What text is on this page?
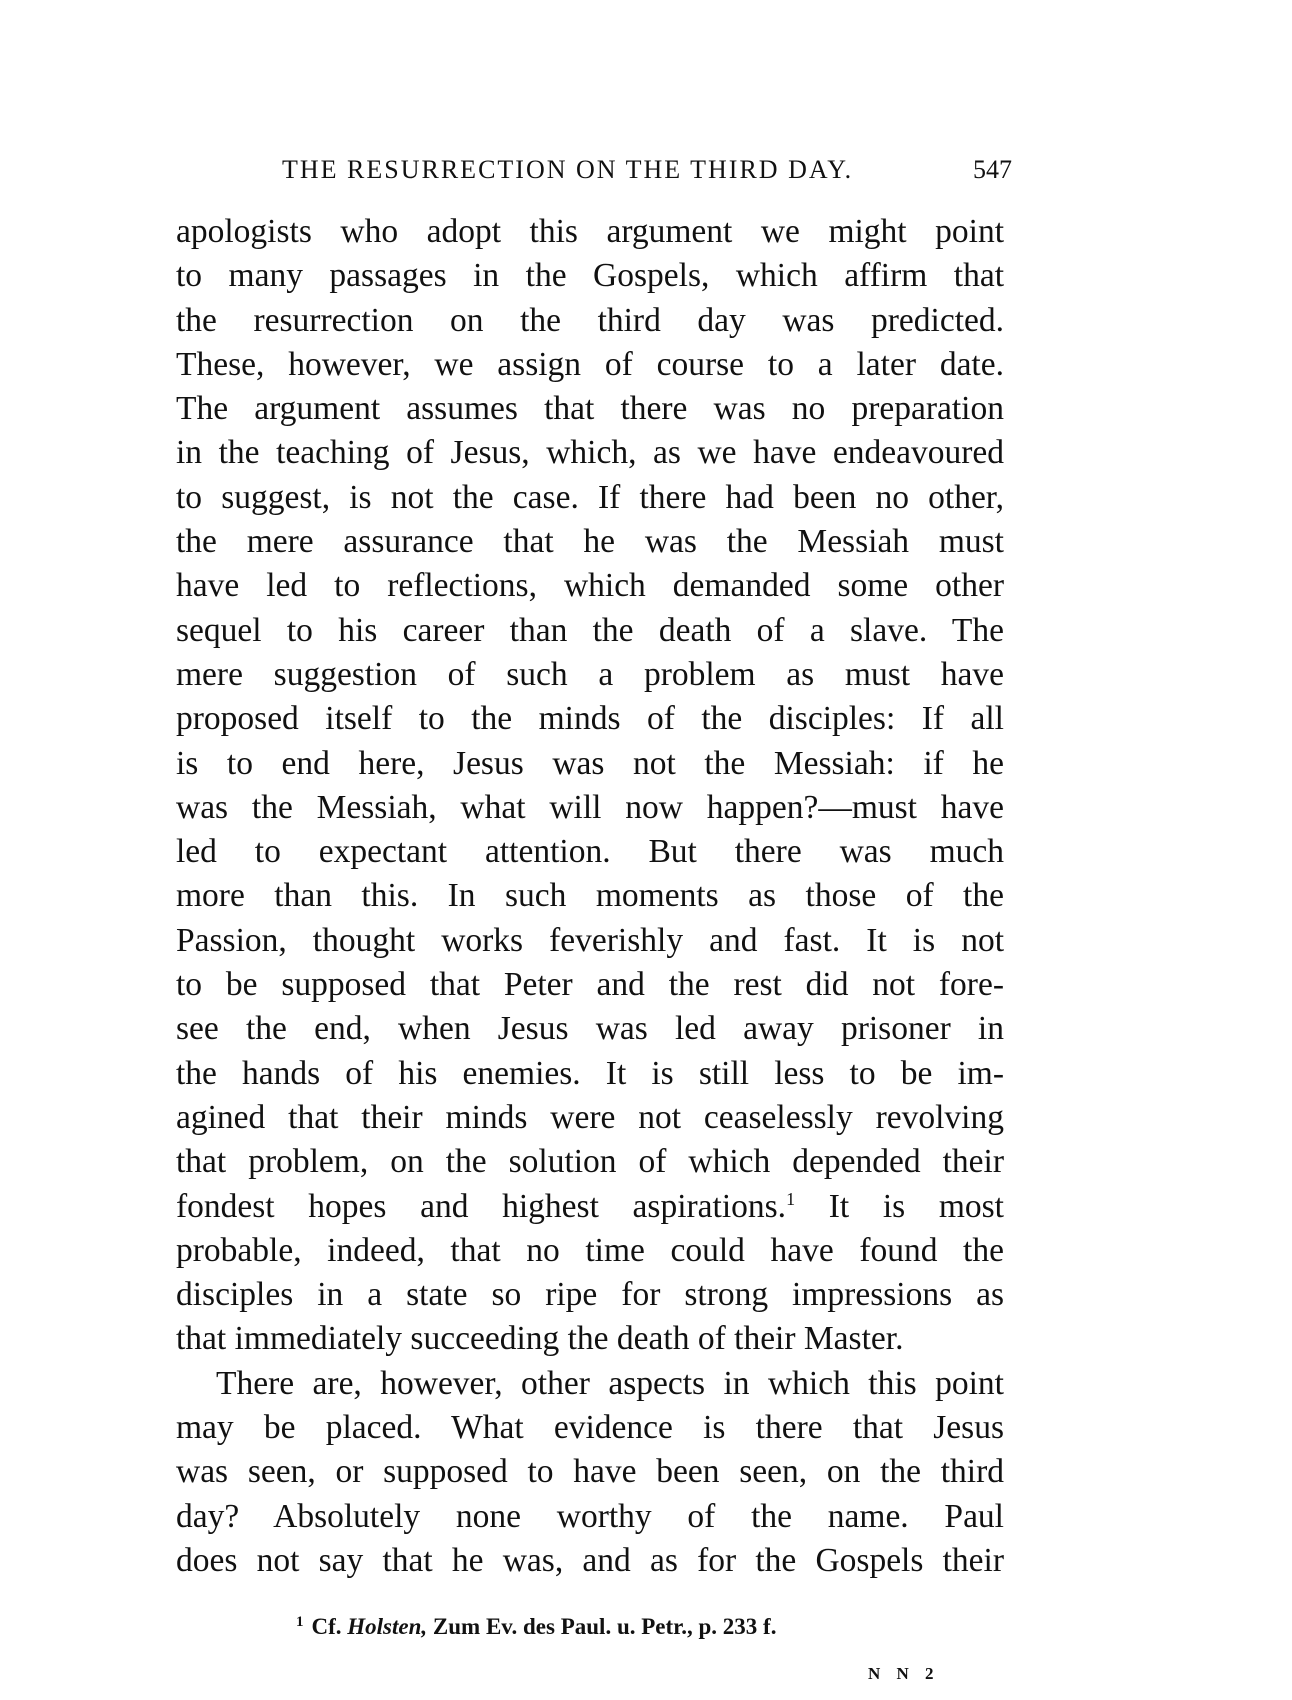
THE RESURRECTION ON THE THIRD DAY.	547
apologists who adopt this argument we might point
to many passages in the Gospels, which affirm that
the resurrection on the third day was predicted.
These, however, we assign of course to a later date.
The argument assumes that there was no preparation
in the teaching of Jesus, which, as we have endeavoured
to suggest, is not the case. If there had been no other,
the mere assurance that he was the Messiah must
have led to reflections, which demanded some other
sequel to his career than the death of a slave. The
mere suggestion of such a problem as must have
proposed itself to the minds of the disciples: If all
is to end here, Jesus was not the Messiah: if he
was the Messiah, what will now happen?—must have
led to expectant attention. But there was much
more than this. In such moments as those of the
Passion, thought works feverishly and fast. It is not
to be supposed that Peter and the rest did not fore-
see the end, when Jesus was led away prisoner in
the hands of his enemies. It is still less to be im-
agined that their minds were not ceaselessly revolving
that problem, on the solution of which depended their
fondest hopes and highest aspirations.$^1$ It is most
probable, indeed, that no time could have found the
disciples in a state so ripe for strong impressions as
that immediately succeeding the death of their Master.
There are, however, other aspects in which this point
may be placed. What evidence is there that Jesus
was seen, or supposed to have been seen, on the third
day? Absolutely none worthy of the name. Paul
does not say that he was, and as for the Gospels their
$^1$ Cf. Holsten, Zum Ev. des Paul. u. Petr., p. 233 f.
N N 2
